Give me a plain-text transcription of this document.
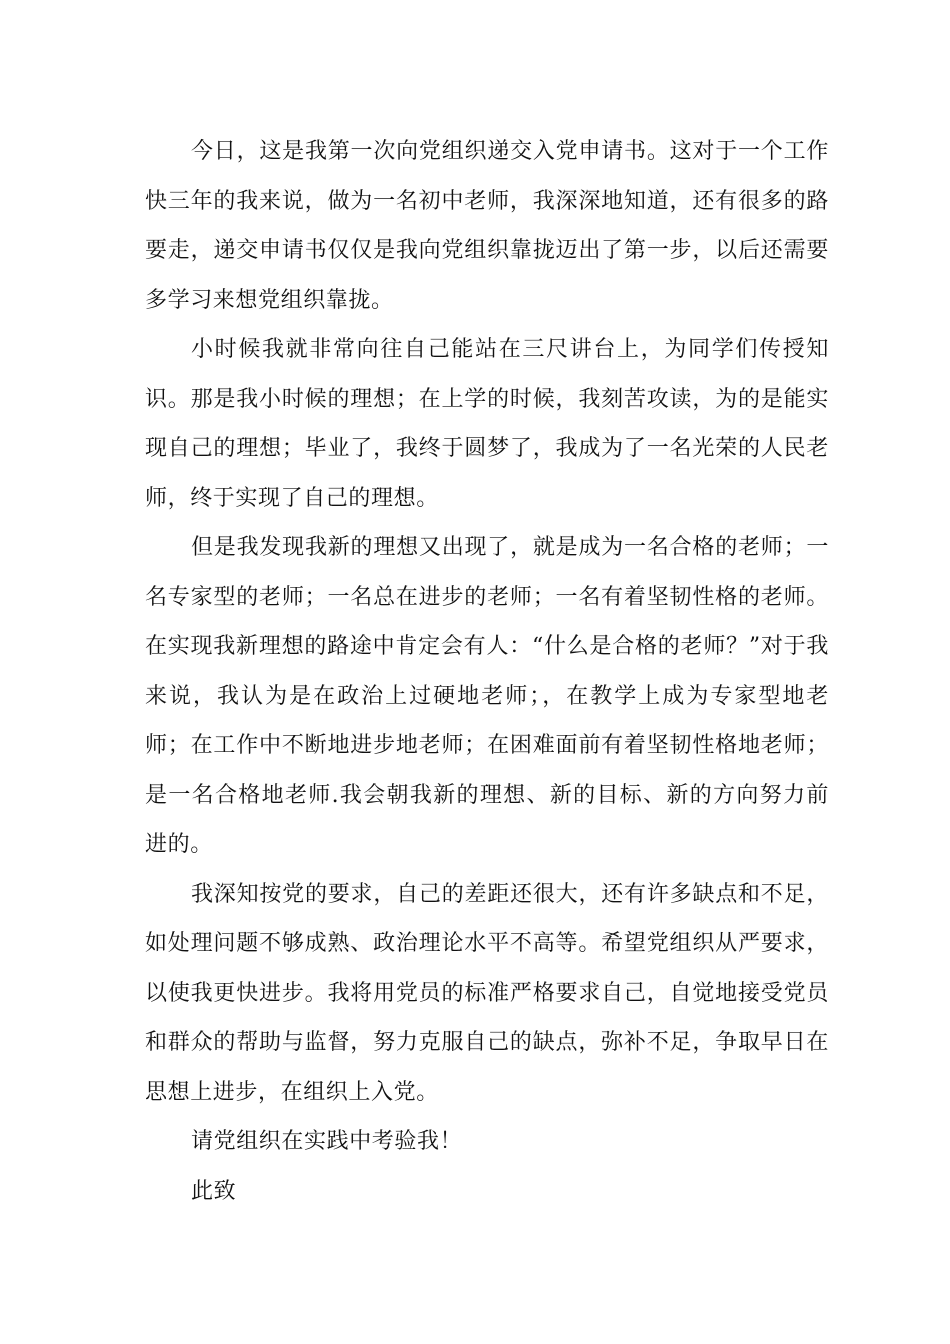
今日，这是我第一次向党组织递交入党申请书。这对于一个工作快三年的我来说，做为一名初中老师，我深深地知道，还有很多的路要走，递交申请书仅仅是我向党组织靠拢迈出了第一步，以后还需要多学习来想党组织靠拢。

小时候我就非常向往自己能站在三尺讲台上，为同学们传授知识。那是我小时候的理想；在上学的时候，我刻苦攻读，为的是能实现自己的理想；毕业了，我终于圆梦了，我成为了一名光荣的人民老师，终于实现了自己的理想。

但是我发现我新的理想又出现了，就是成为一名合格的老师；一名专家型的老师；一名总在进步的老师；一名有着坚韧性格的老师。在实现我新理想的路途中肯定会有人：“什么是合格的老师？”对于我来说，我认为是在政治上过硬地老师；，在教学上成为专家型地老师；在工作中不断地进步地老师；在困难面前有着坚韧性格地老师；是一名合格地老师.我会朝我新的理想、新的目标、新的方向努力前进的。

我深知按党的要求，自己的差距还很大，还有许多缺点和不足，如处理问题不够成熟、政治理论水平不高等。希望党组织从严要求，以使我更快进步。我将用党员的标准严格要求自己，自觉地接受党员和群众的帮助与监督，努力克服自己的缺点，弥补不足，争取早日在思想上进步，在组织上入党。

请党组织在实践中考验我！

此致
